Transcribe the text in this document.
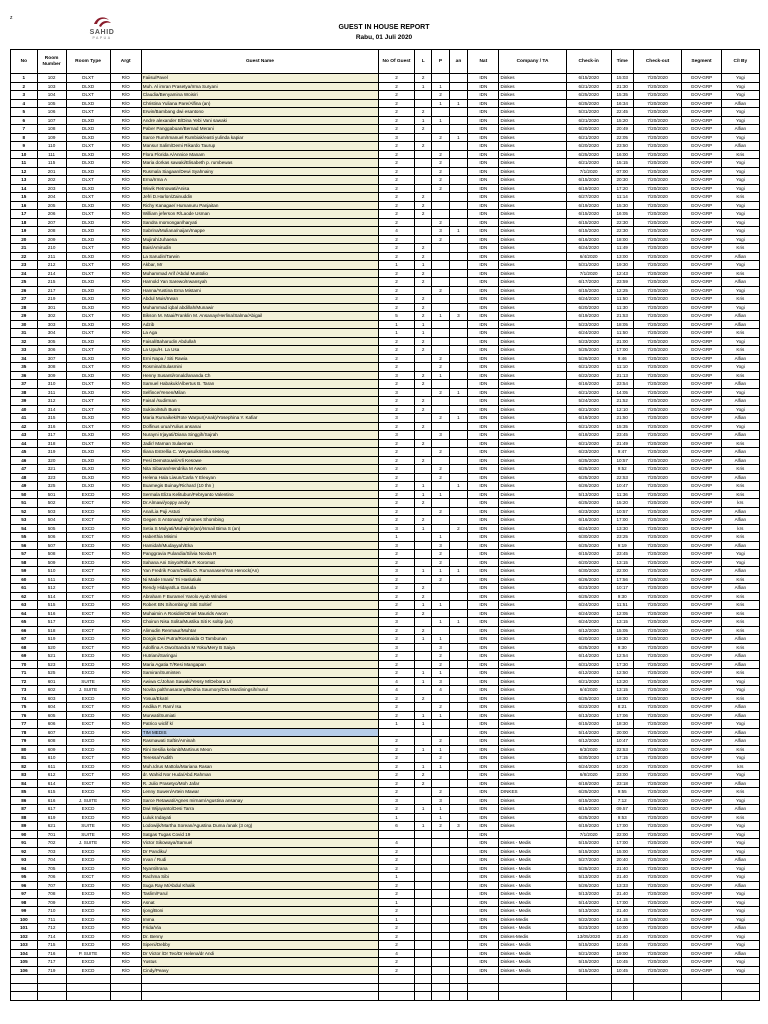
z
SAHID
PAPUA
GUEST IN HOUSE REPORT
Rabu, 01 Juli 2020
No	Room Number	Room Type	Argt	Guest Name	No Of Guest	L	P	an	Nat	Company / TA	Check-in	Time	Check-out	Segment	C/I By
1	102	DLXT	R/O	Faiisu/Pavel	2	2			IDN	Dinkes	6/15/2020	15:03	7/20/2020	GOV-GRP	Yogi
2	103	DLXD	R/O	Muh. Al imran Prasetya/Irma Suryani	2	1	1		IDN	Dinkes	6/21/2020	21:30	7/20/2020	GOV-GRP	Yogi
3	104	DLXT	R/O	Claudia/Benyamina Woisiri	2		2		IDN	Dinkes	6/25/2020	15:35	7/20/2020	GOV-GRP	Yogi
4	105	DLXD	R/O	Christina Yuliana Pare/Alfina (an)	2		1	1	IDN	Dinkes	6/25/2020	16:34	7/20/2020	GOV-GRP	Alfian
5	106	DLXT	R/O	Erwin/Bambang dwi esantono	2	2			IDN	Dinkes	5/31/2020	22:45	7/20/2020	GOV-GRP	Yogi
6	107	DLXD	R/O	Andre alexander B/Dina Yebi Vani sawaki	2	1	1		IDN	Dinkes	6/21/2020	15:20	7/20/2020	GOV-GRP	Yogi
7	108	DLXD	R/O	Paber Panggabuan/Bernad Merani	2	2			IDN	Dinkes	6/20/2020	20:49	7/20/2020	GOV-GRP	Alfian
8	109	DLXD	R/O	Sarce Rum/Imanuel Rumbiak/easti yulinda kapiar	3		2	1	IDN	Dinkes	6/21/2020	22:05	7/20/2020	GOV-GRP	Yogi
9	110	DLXT	R/O	Mansur Salim/Demi Rikardo Taurup	2	2			IDN	Dinkes	6/20/2020	23:50	7/20/2020	GOV-GRP	Alfian
10	111	DLXD	R/O	Flora Florida A/Annice Manam	2		2		IDN	Dinkes	6/25/2020	16:00	7/20/2020	GOV-GRP	Kris
11	115	DLXD	R/O	Maria dorkas sawaki/Elisabeth p. rumbewas	2		2		IDN	Dinkes	6/21/2020	15:15	7/20/2020	GOV-GRP	Yogi
12	201	DLXD	R/O	Rusmala Siagaan/Dewi Syahnainy	2		2		IDN	Dinkes	7/1/2020	07:00	7/20/2020	GOV-GRP	Yogi
13	202	DLXT	R/O	Erna/Irma A	2		2		IDN	Dinkes	6/15/2020	20:30	7/20/2020	GOV-GRP	Yogi
14	203	DLXD	R/O	Wiwik Retnowati/Anisa	2		2		IDN	Dinkes	6/19/2020	17:20	7/20/2020	GOV-GRP	Yogi
15	204	DLXT	R/O	Jefri D.Harlon/Zainuddin	2	2			IDN	Dinkes	6/27/2020	11:14	7/20/2020	GOV-GRP	Kris
16	205	DLXD	R/O	Richy Kanagae/ Humanuru Panjaitan	2	2			IDN	Dinkes	6/19/2020	15:30	7/20/2020	GOV-GRP	Yogi
17	206	DLXT	R/O	William jeferson R/Laode Usman	2	2			IDN	Dinkes	6/15/2020	16:05	7/20/2020	GOV-GRP	Yogi
18	207	DLXD	R/O	Sandra momongan/haryati	2		2		IDN	Dinkes	6/15/2020	22:30	7/20/2020	GOV-GRP	Yogi
19	208	DLXD	R/O	Sabrina/Muliana/naijan/Inappe	4		3	1	IDN	Dinkes	6/15/2020	22:30	7/20/2020	GOV-GRP	Yogi
20	209	DLXD	R/O	Mujirah/Juhaena	2		2		IDN	Dinkes	6/16/2020	18:00	7/20/2020	GOV-GRP	Yogi
21	210	DLXT	R/O	Bais/Amirudin	2	2			IDN	Dinkes	6/24/2020	11:49	7/20/2020	GOV-GRP	Kris
22	211	DLXD	R/O	La Sarudin/Tarwin	2	2			IDN	Dinkes	6/4/2020	13:00	7/20/2020	GOV-GRP	Alfian
23	212	DLXT	R/O	Akbar, Mr	1	1			IDN	Dinkes	5/31/2020	19:30	7/20/2020	GOV-GRP	Yogi
24	214	DLXT	R/O	Muhammad Arif /Abdul Muntolio	2	2			IDN	Dinkes	7/1/2020	12:43	7/20/2020	GOV-GRP	Kris
25	215	DLXD	R/O	Harnold Yan Sarewo/Irwansyah	2	2			IDN	Dinkes	6/17/2020	23:59	7/20/2020	GOV-GRP	Alfian
26	217	DLXD	R/O	Hanna/Yustina Erna Mistami	2		2		IDN	Dinkes	6/15/2020	12:25	7/20/2020	GOV-GRP	Yogi
27	219	DLXD	R/O	Abdul Muis/Irwan	2	2			IDN	Dinkes	6/24/2020	11:50	7/20/2020	GOV-GRP	Kris
28	301	DLXD	R/O	Muhammad iqbal abdillah/Munawir	2	2			IDN	Dinkes	6/20/2020	11:30	7/20/2020	GOV-GRP	Yogi
29	302	DLXT	R/O	Bikson M. Maai/Franklin M. Ansanay/Herlina/Salma/Abigail	5	2	1	3	IDN	Dinkes	6/19/2020	21:53	7/20/2020	GOV-GRP	Alfian
30	303	DLXD	R/O	Adzib	1	1			IDN	Dinkes	5/23/2020	18:05	7/20/2020	GOV-GRP	Alfian
31	304	DLXT	R/O	La Aga	1	1			IDN	Dinkes	6/24/2020	11:50	7/20/2020	GOV-GRP	Kris
32	305	DLXD	R/O	Faisal/Baharudin Abdullah	2	2			IDN	Dinkes	5/23/2020	21:00	7/20/2020	GOV-GRP	Yogi
33	306	DLXT	R/O	La Upu/H. La Usa	2	2			IDN	Dinkes	5/25/2020	17:00	7/20/2020	GOV-GRP	Kris
34	307	DLXD	R/O	Erni Napa / Siti Rawia	2		2		IDN	Dinkes	5/26/2020	9:46	7/20/2020	GOV-GRP	Alfian
35	308	DLXT	R/O	Rosmina/Sulasmini	2		2		IDN	Dinkes	6/21/2020	11:10	7/20/2020	GOV-GRP	Yogi
36	309	DLXD	R/O	Henny Susanti/ronald/ananda Ch	3	2	1		IDN	Dinkes	6/22/2020	21:13	7/20/2020	GOV-GRP	Kris
37	310	DLXT	R/O	Samuel Habakuk/Albertus B. Taran	2	2			IDN	Dinkes	6/16/2020	23:54	7/20/2020	GOV-GRP	Alfian
38	311	DLXD	R/O	Selfince/Yenen/Milan	3		2	1	IDN	Dinkes	6/21/2020	14:05	7/20/2020	GOV-GRP	Yogi
39	312	DLXT	R/O	Faisal /sudirman	2	2			IDN	Dinkes	5/24/2020	21:52	7/20/2020	GOV-GRP	Alfian
40	314	DLXT	R/O	Sukino/Muh Busro	2	2			IDN	Dinkes	6/21/2020	12:10	7/20/2020	GOV-GRP	Yogi
41	315	DLXD	R/O	Maria Rumaikek/Rote Warpur(Anak)/Yosephina Y. Kafiar	3		2	1	IDN	Dinkes	6/19/2020	21:50	7/20/2020	GOV-GRP	Alfian
42	316	DLXT	R/O	Dolfinus urua/Yulius ansanai	2	2			IDN	Dinkes	6/21/2020	15:35	7/20/2020	GOV-GRP	Yogi
43	317	DLXD	R/O	Nurayni Irjayati/Diana Singgih/Sajrah	3		3		IDN	Dinkes	6/18/2020	23:45	7/20/2020	GOV-GRP	Alfian
44	318	DLXT	R/O	Jadir/ Marnan Sulaeman	2	2			IDN	Dinkes	6/21/2020	21:49	7/20/2020	GOV-GRP	Kris
45	319	DLXD	R/O	Iliana Estrellia C. Weyasu/kristina sesenay	2		2		IDN	Dinkes	6/23/2020	9:47	7/20/2020	GOV-GRP	Alfian
46	320	DLXD	R/O	Pesi Demotouwi/Arli Kesowe	2	2			IDN	Dinkes	6/25/2020	10:57	7/20/2020	GOV-GRP	Alfian
47	321	DLXD	R/O	Nita Sibaran/Hendrika M Awom	2		2		IDN	Dinkes	6/25/2020	9:52	7/20/2020	GOV-GRP	Kris
48	323	DLXD	R/O	Helena Hala Liwun/Carla Y Eleuyan	2		2		IDN	Dinkes	6/25/2020	22:53	7/20/2020	GOV-GRP	Alfian
49	325	DLXD	R/O	Buamegis Buinay/Richard (10 thn )	2	1		1	IDN	Dinkes	6/26/2020	10:47	7/20/2020	GOV-GRP	Kris
50	501	EXCD	R/O	Sermala Eliza Kelitubun/Febryanto Valentino	2	1	1		IDN	Dinkes	5/13/2020	11:36	7/20/2020	GOV-GRP	Kris
51	502	EXCT	R/O	Dr.Almawi/yoppy andry	2	2			IDN	Dinkes	6/25/2020	15:20	7/20/2020	GOV-GRP	krs
52	503	EXCD	R/O	Ana/Lia Puji Astuti	2		2		IDN	Dinkes	6/23/2020	10:57	7/20/2020	GOV-GRP	Alfian
53	504	EXCT	R/O	Gegen S Antonang/ Yohanes Shombing	2	2			IDN	Dinkes	6/16/2020	17:00	7/20/2020	GOV-GRP	Alfian
54	505	EXCD	R/O	Setia S Mulyati/Muhajirin(an)/Ismail Bima S (an)	3	1		2	IDN	Dinkes	6/24/2020	13:30	7/20/2020	GOV-GRP	krs
55	506	EXCT	R/O	Haberthia Misimi	1		1		IDN	Dinkes	6/30/2020	23:25	7/20/2020	GOV-GRP	Kris
56	507	EXCD	R/O	Hamidah/Mudayyah/Eka	3		3		IDN	Dinkes	6/25/2020	9:19	7/20/2020	GOV-GRP	Alfian
57	508	EXCT	R/O	Panggravia Pulandia/Silvia Novita R	2		2		IDN	Dinkes	6/15/2020	23:45	7/20/2020	GOV-GRP	Yogi
58	509	EXCD	R/O	Sahana Ani Sinyo/Ritha P. Koromat	2		2		IDN	Dinkes	6/20/2020	13:15	7/20/2020	GOV-GRP	Yogi
59	510	EXCT	R/O	Yan Fredrik Foam/Delila O. Rumanasen/Yan Henock(An)	3	1	1	1	IDN	Dinkes	6/30/2020	22:00	7/20/2020	GOV-GRP	Alfian
60	511	EXCD	R/O	Ni Made Imani/ Tri Haslutiuki	2		2		IDN	Dinkes	6/26/2020	17:56	7/20/2020	GOV-GRP	Kris
61	512	EXCT	R/O	Rendy Hidayat/La Garuda	2	2			IDN	Dinkes	6/23/2020	10:17	7/20/2020	GOV-GRP	Alfian
62	514	EXCT	R/O	Abraham F Burame/ Yarolo Ayub Windesi	2	2			IDN	Dinkes	6/25/2020	9:30	7/20/2020	GOV-GRP	Kris
63	515	EXCD	R/O	Robert BN Sihombing/ Sitti Soltief	2	1	1		IDN	Dinkes	6/24/2020	11:51	7/20/2020	GOV-GRP	Kris
64	516	EXCT	R/O	Muhaimin A Rosidin/Otniel Maurids Awom	2	2			IDN	Dinkes	6/24/2020	12:05	7/20/2020	GOV-GRP	Kris
65	517	EXCD	R/O	Choirun Nisa Solita/Mustika Siti K soltip (an)	3		1	1	IDN	Dinkes	6/24/2020	13:15	7/20/2020	GOV-GRP	Kris
66	518	EXCT	R/O	Alimudin Renmaur/Muhtar	2	2			IDN	Dinkes	6/12/2020	15:05	7/20/2020	GOV-GRP	Kris
67	519	EXCD	R/O	Dorgis Dwi Putra/Rosmaida O Tambunan	2	1	1		IDN	Dinkes	6/20/2020	19:30	7/20/2020	GOV-GRP	Alfian
68	520	EXCT	R/O	Adolfina A Owo/Sandra M Yoku/Mery B Saiya	3		3		IDN	Dinkes	6/25/2020	9:30	7/20/2020	GOV-GRP	Kris
69	521	EXCD	R/O	Hutriani/Saringai	2		2		IDN	Dinkes	6/14/2020	12:54	7/20/2020	GOV-GRP	Alfian
70	523	EXCD	R/O	Maria Agatia T/Resi Mangapan	2		2		IDN	Dinkes	6/31/2020	17:30	7/20/2020	GOV-GRP	Alfian
71	525	EXCD	R/O	Samiran/Suminten	2	1	1		IDN	Dinkes	6/12/2020	12:50	7/20/2020	GOV-GRP	Kris
72	601	SUITE	R/O	Awiwa C/Johan Sawaki/Yessy M/Debora U/	4	1	3		IDN	Dinkes	6/21/2020	13:20	7/20/2020	GOV-GRP	Yogi
73	602	J. SUITE	R/O	Novita palthnasarany/Bedria Saumory/Dra Mardiningsih/nurul	4		4		IDN	Dinkes	6/4/2020	13:15	7/20/2020	GOV-GRP	Yogi
74	603	EXCD	R/O	Yosua/Ekatri	2	2			IDN	Dinkes	6/25/2020	18:00	7/20/2020	GOV-GRP	Kris
75	604	EXCT	R/O	Andika F. Ram/ Isa	2		2		IDN	Dinkes	6/22/2020	8:21	7/20/2020	GOV-GRP	Alfian
76	605	EXCD	R/O	Murwati/Sumiati	2	1	1		IDN	Dinkes	6/13/2020	17:06	7/20/2020	GOV-GRP	Alfian
77	606	EXCT	R/O	Patrico wiclif k/	1	1			IDN	Dinkes	6/15/2020	18:30	7/20/2020	GOV-GRP	Yogi
78	607	EXCD	R/O	TIM MEDIS					IDN	Dinkes	5/14/2020	20:00	7/20/2020	GOV-GRP	Alfian
79	608	EXCD	R/O	Rasmawati Saftin/Aminah	2		2		IDN	Dinkes	6/12/2020	10:47	7/20/2020	GOV-GRP	Alfian
80	609	EXCD	R/O	Rini Sesilia kelanit/Martinus Meon	2	1	1		IDN	Dinkes	6/3/2020	22:53	7/20/2020	GOV-GRP	Kris
81	610	EXCT	R/O	Teressa/Yudith	2		2		IDN	Dinkes	5/30/2020	17:15	7/20/2020	GOV-GRP	Yogi
82	611	EXCD	R/O	Muh.Idrus Mattola/Mariana Rasan	2	1	1		IDN	Dinkes	6/24/2020	10:20	7/20/2020	GOV-GRP	krs
83	612	EXCT	R/O	dr. Wahid Nor Huda/Abd.Rahman	2	2			IDN	Dinkes	6/8/2020	23:00	7/20/2020	GOV-GRP	Yogi
84	614	EXCT	R/O	R. Julio Prasetyo/Moh Jafar	2	2			IDN	Dinkes	6/18/2020	23:18	7/20/2020	GOV-GRP	Alfian
85	615	EXCD	R/O	Lenny Suwen/Artein Mawar	2		2		IDN	DINKES	6/25/2020	9:55	7/20/2020	GOV-GRP	Kris
86	616	J. SUITE	R/O	Sarce Retawati/Agnes mirnam/Agustina ansanay	3		3		IDN	Dinkes	6/15/2020	7:12	7/20/2020	GOV-GRP	Yogi
87	617	EXCD	R/O	Dwi Wijayanto/Desi Tarra	2	1	1		IDN	Dinkes	6/15/2020	09.57	7/20/2020	GOV-GRP	Alfian
88	619	EXCD	R/O	Luluk Indayati	1		1		IDN	Dinkes	6/25/2020	9:53	7/20/2020	GOV-GRP	Kris
89	621	SUITE	R/O	Lodowijk/Martha Sorean/Agustina Duma /anak (3 org)	6	1	2	3	IDN	Dinkes	6/19/2020	17:00	7/20/2020	GOV-GRP	Yogi
90	701	SUITE	R/O	Satgas Tugas Covid 19					IDN		7/1/2020	22:00	7/20/2020	GOV-GRP	Yogi
91	702	J. SUITE	R/O	Victor Sikowaya/Samuel	4				IDN	Dinkes - Medis	5/15/2020	17:00	7/20/2020	GOV-GRP	Yogi
92	703	EXCD	R/O	Dr Pandiku/	2				IDN	Dinkes - Medis	5/15/2020	15:00	7/20/2020	GOV-GRP	Yogi
93	704	EXCD	R/O	Irvan / Rudi	2				IDN	Dinkes - Medis	5/27/2020	20:40	7/20/2020	GOV-GRP	Alfian
94	705	EXCD	R/O	Nyanti/Irana	2				IDN	Dinkes - Medis	5/25/2020	21:40	7/20/2020	GOV-GRP	Yogi
95	706	EXCT	R/O	Rachma Sibi	1				IDN	Dinkes - Medis	5/13/2020	21.40	7/20/2020	GOV-GRP	Yogi
96	707	EXCD	R/O	Suga Ray M/Abdul Khalik	2				IDN	Dinkes - Medis	5/26/2020	13:33	7/20/2020	GOV-GRP	Alfian
97	708	EXCD	R/O	Taslim/Farul	2				IDN	Dinkes - Medis	5/13/2020	21.40	7/20/2020	GOV-GRP	Yogi
98	709	EXCD	R/O	Asnat	1				IDN	Dinkes - Medis	5/14/2020	17:00	7/20/2020	GOV-GRP	Yogi
99	710	EXCD	R/O	Ijong/Boni	2				IDN	Dinkes - Medis	5/13/2020	21.40	7/20/2020	GOV-GRP	Yogi
100	711	EXCD	R/O	Imma	1				IDN	Dinkes-Medis	5/22/2020	14.15	7/20/2020	GOV-GRP	Yogi
101	712	EXCD	R/O	Frida/Via	2				IDN	Dinkes - Medis	5/23/2020	10:00	7/20/2020	GOV-GRP	Alfian
102	714	EXCD	R/O	Dr. Benny	2				IDN	Dinkes-Medis	13/05/2020	21.40	7/20/2020	GOV-GRP	Yogi
103	715	EXCD	R/O	Sipeni/Debby	2				IDN	Dinkes - Medis	5/15/2020	10:45	7/20/2020	GOV-GRP	Yogi
104	716	P. SUITE	R/O	Dr Victor /Dr Teo/Dr Helena/dr Andi	4				IDN	Dinkes - Medis	5/21/2020	19:00	7/20/2020	GOV-GRP	Alfian
105	717	EXCD	R/O	Yustus	2				IDN	Dinkes - Medis	5/15/2020	10:45	7/20/2020	GOV-GRP	Yogi
106	719	EXCD	R/O	Cindy/Peavy	2				IDN	Dinkes - Medis	5/15/2020	10:45	7/20/2020	GOV-GRP	Yogi
